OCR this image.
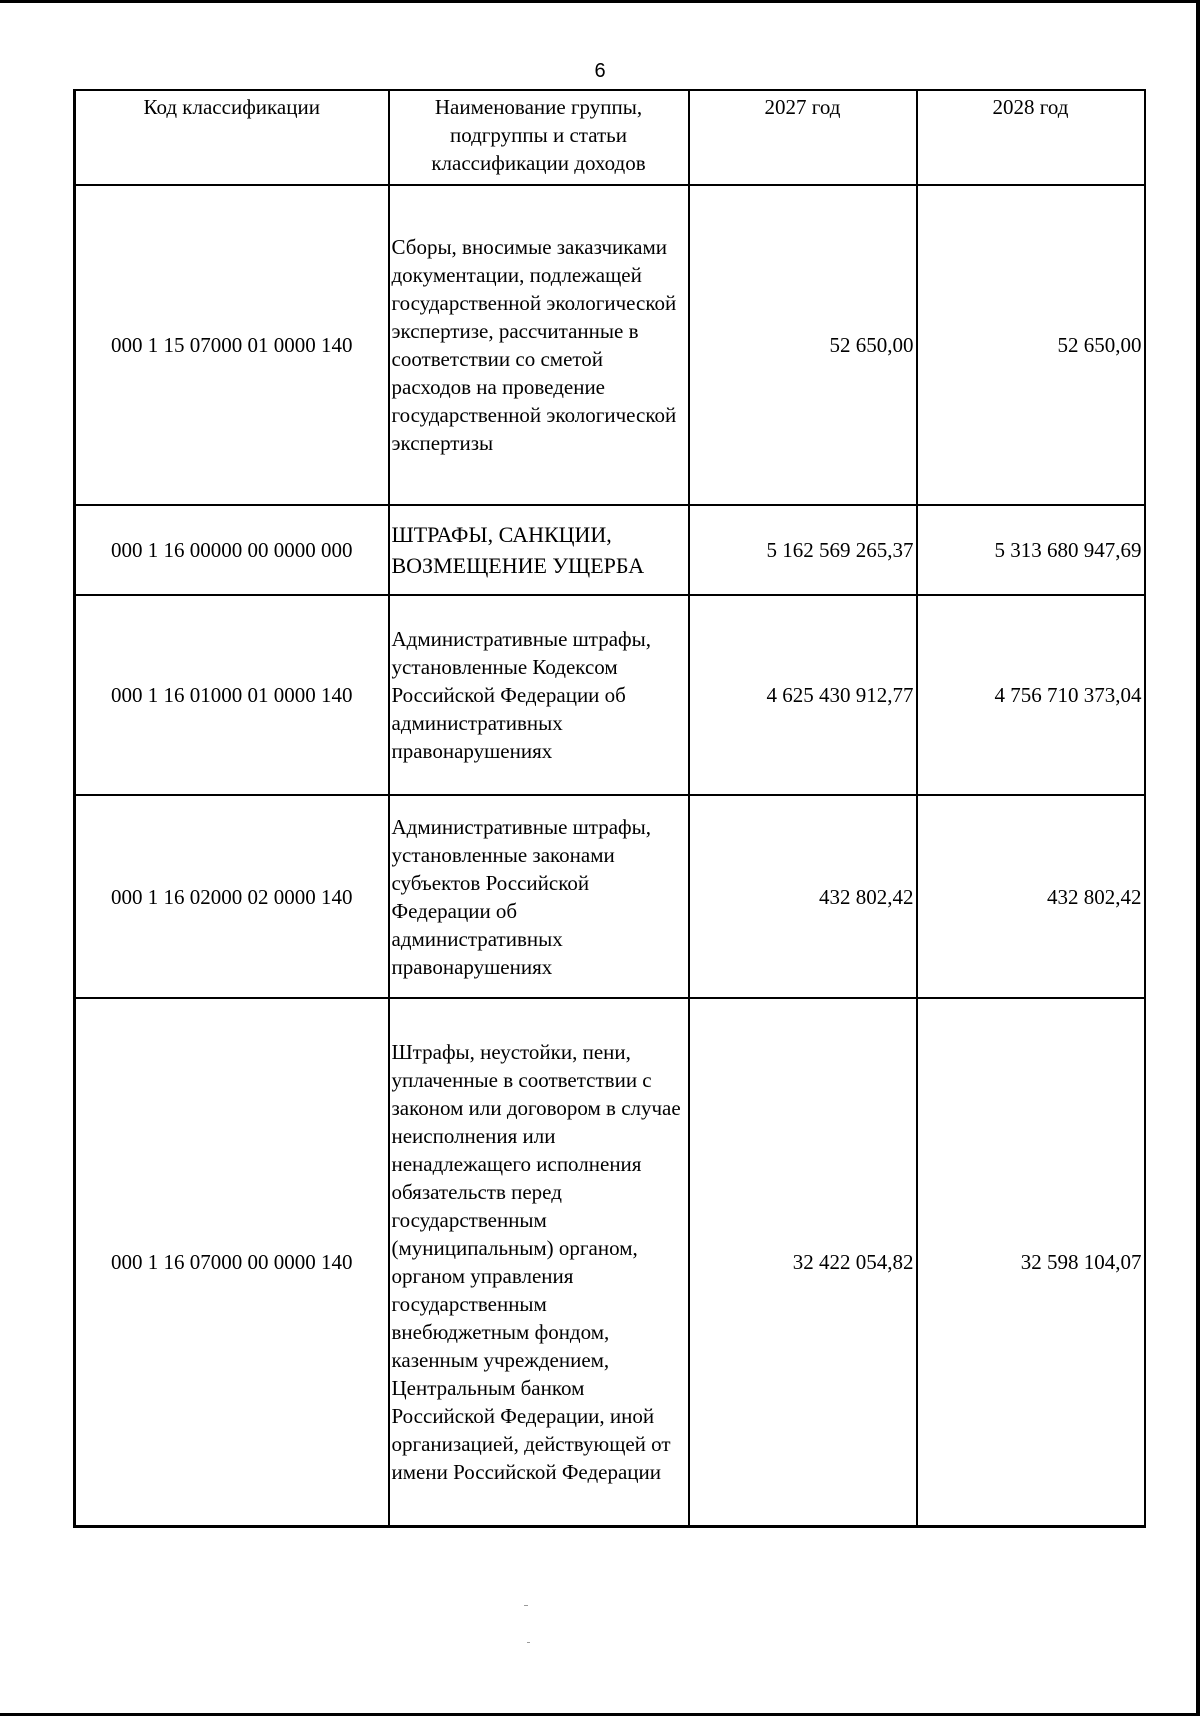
6
Код классификации	Наименование группы, подгруппы и статьи классификации доходов	2027 год	2028 год
000 1 15 07000 01 0000 140	Сборы, вносимые заказчиками документации, подлежащей государственной экологической экспертизе, рассчитанные в соответствии со сметой расходов на проведение государственной экологической экспертизы	52 650,00	52 650,00
000 1 16 00000 00 0000 000	ШТРАФЫ, САНКЦИИ, ВОЗМЕЩЕНИЕ УЩЕРБА	5 162 569 265,37	5 313 680 947,69
000 1 16 01000 01 0000 140	Административные штрафы, установленные Кодексом Российской Федерации об административных правонарушениях	4 625 430 912,77	4 756 710 373,04
000 1 16 02000 02 0000 140	Административные штрафы, установленные законами субъектов Российской Федерации об административных правонарушениях	432 802,42	432 802,42
000 1 16 07000 00 0000 140	Штрафы, неустойки, пени, уплаченные в соответствии с законом или договором в случае неисполнения или ненадлежащего исполнения обязательств перед государственным (муниципальным) органом, органом управления государственным внебюджетным фондом, казенным учреждением, Центральным банком Российской Федерации, иной организацией, действующей от имени Российской Федерации	32 422 054,82	32 598 104,07
